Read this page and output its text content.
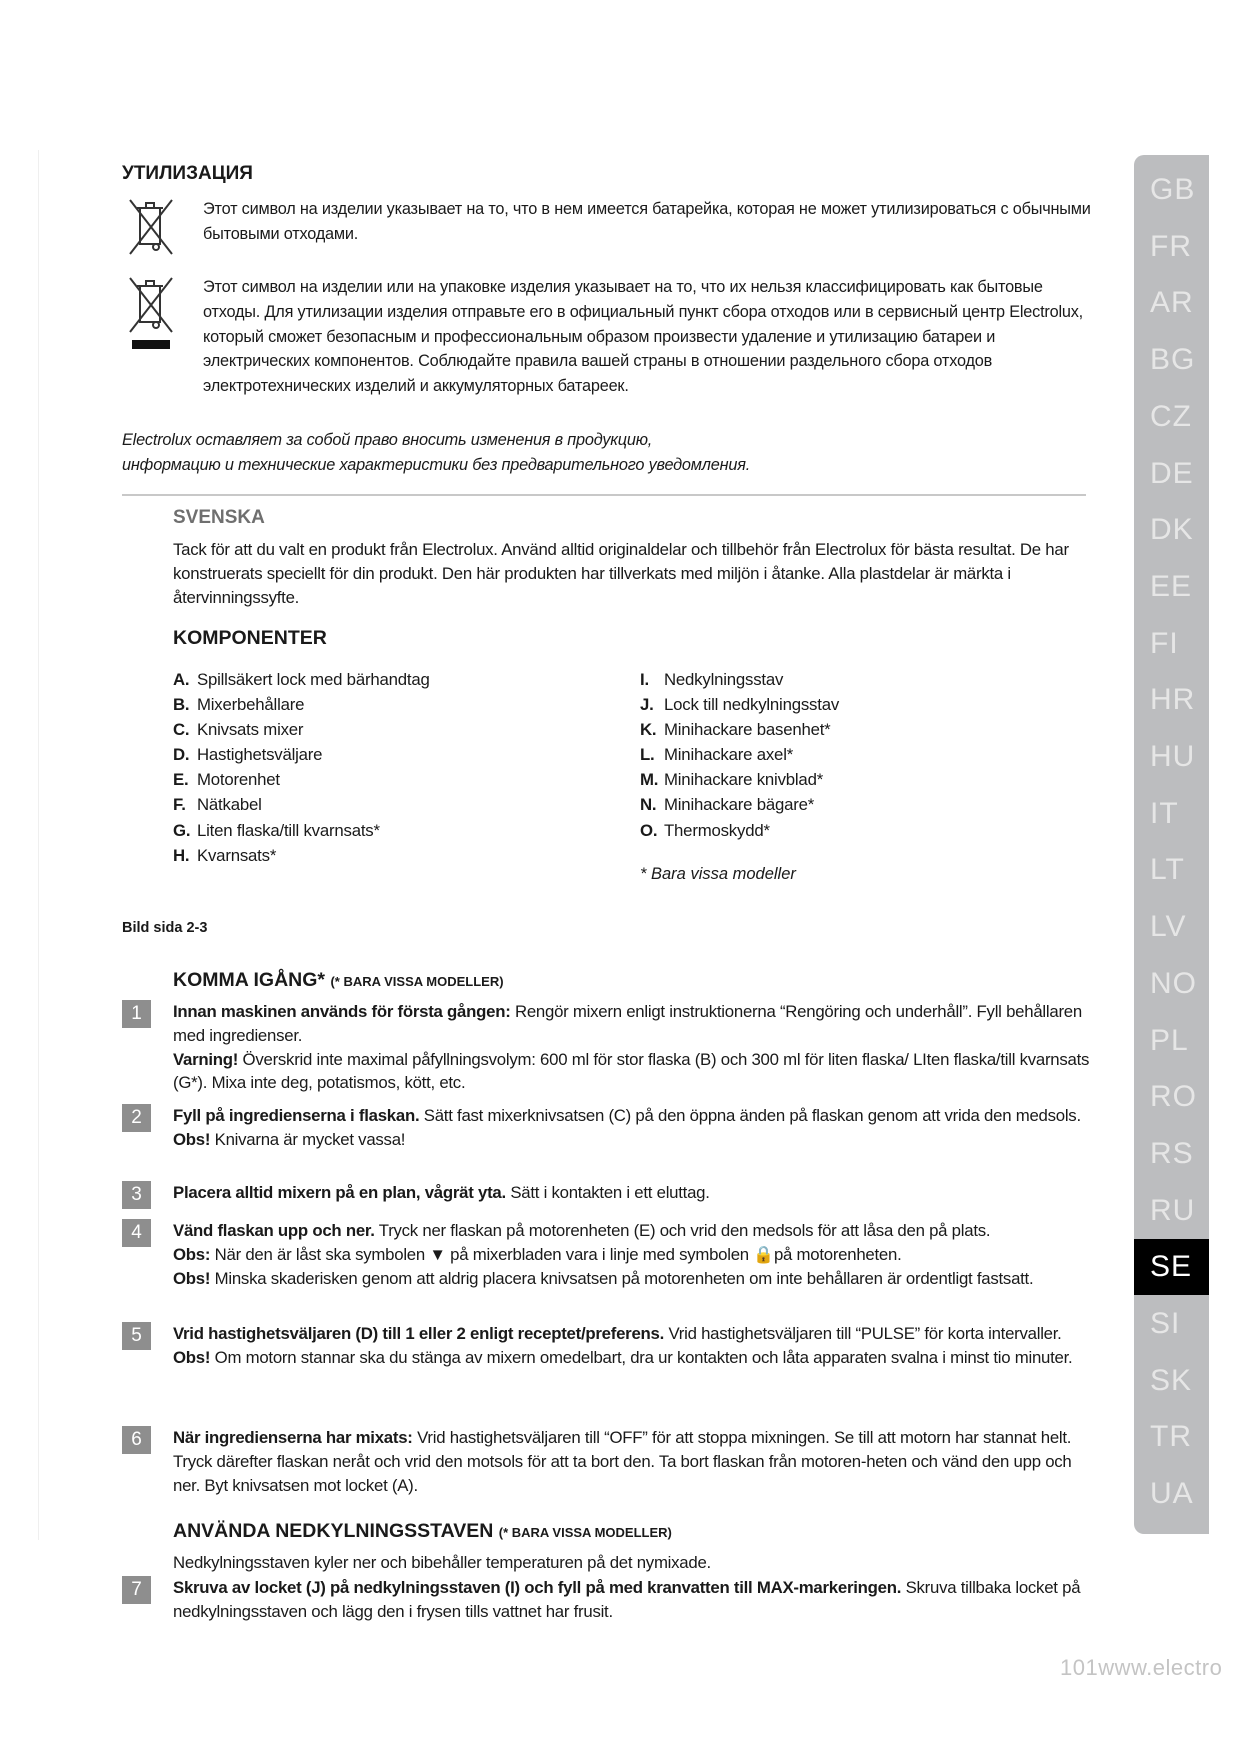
УТИЛИЗАЦИЯ
Этот символ на изделии указывает на то, что в нем имеется батарейка, которая не может утилизироваться с обычными бытовыми отходами.
Этот символ на изделии или на упаковке изделия указывает на то, что их нельзя классифицировать как бытовые отходы. Для утилизации изделия отправьте его в официальный пункт сбора отходов или в сервисный центр Electrolux, который сможет безопасным и профессиональным образом произвести удаление и утилизацию батареи и электрических компонентов. Соблюдайте правила вашей страны в отношении раздельного сбора отходов электротехнических изделий и аккумуляторных батареек.
Electrolux оставляет за собой право вносить изменения в продукцию,
информацию и технические характеристики без предварительного уведомления.
SVENSKA
Tack för att du valt en produkt från Electrolux. Använd alltid originaldelar och tillbehör från Electrolux för bästa resultat. De har konstruerats speciellt för din produkt. Den här produkten har tillverkats med miljön i åtanke. Alla plastdelar är märkta i återvinningssyfte.
KOMPONENTER
A. Spillsäkert lock med bärhandtag
B. Mixerbehållare
C. Knivsats mixer
D. Hastighetsväljare
E. Motorenhet
F. Nätkabel
G. Liten flaska/till kvarnsats*
H. Kvarnsats*
I. Nedkylningsstav
J. Lock till nedkylningsstav
K. Minihackare basenhet*
L. Minihackare axel*
M. Minihackare knivblad*
N. Minihackare bägare*
O. Thermoskydd*
* Bara vissa modeller
Bild sida 2-3
KOMMA IGÅNG* (* BARA VISSA MODELLER)
1	Innan maskinen används för första gången: Rengör mixern enligt instruktionerna “Rengöring och underhåll”. Fyll behållaren med ingredienser.

Varning! Överskrid inte maximal påfyllningsvolym: 600 ml för stor flaska (B) och 300 ml för liten flaska/ LIten flaska/till kvarnsats (G*). Mixa inte deg, potatismos, kött, etc.

2	Fyll på ingredienserna i flaskan. Sätt fast mixerknivsatsen (C) på den öppna änden på flaskan genom att vrida den medsols.

Obs! Knivarna är mycket vassa!

3	Placera alltid mixern på en plan, vågrät yta. Sätt i kontakten i ett eluttag.

4	Vänd flaskan upp och ner. Tryck ner flaskan på motorenheten (E) och vrid den medsols för att låsa den på plats.

Obs: När den är låst ska symbolen ▼ på mixerbladen vara i linje med symbolen 🔒på motorenheten.

Obs! Minska skaderisken genom att aldrig placera knivsatsen på motorenheten om inte behållaren är ordentligt fastsatt.

5	Vrid hastighetsväljaren (D) till 1 eller 2 enligt receptet/preferens. Vrid hastighetsväljaren till “PULSE” för korta intervaller.

Obs! Om motorn stannar ska du stänga av mixern omedelbart, dra ur kontakten och låta apparaten svalna i minst tio minuter.

6	När ingredienserna har mixats: Vrid hastighetsväljaren till “OFF” för att stoppa mixningen. Se till att motorn har stannat helt. Tryck därefter flaskan neråt och vrid den motsols för att ta bort den. Ta bort flaskan från motoren-heten och vänd den upp och ner. Byt knivsatsen mot locket (A).

ANVÄNDA NEDKYLNINGSSTAVEN (* BARA VISSA MODELLER)
Nedkylningsstaven kyler ner och bibehåller temperaturen på det nymixade.
7	Skruva av locket (J) på nedkylningsstaven (I) och fyll på med kranvatten till MAX-markeringen. Skruva tillbaka locket på nedkylningsstaven och lägg den i frysen tills vattnet har frusit.

GB
FR
AR
BG
CZ
DE
DK
EE
FI
HR
HU
IT
LT
LV
NO
PL
RO
RS
RU
SE
SI
SK
TR
UA
101www.electro
